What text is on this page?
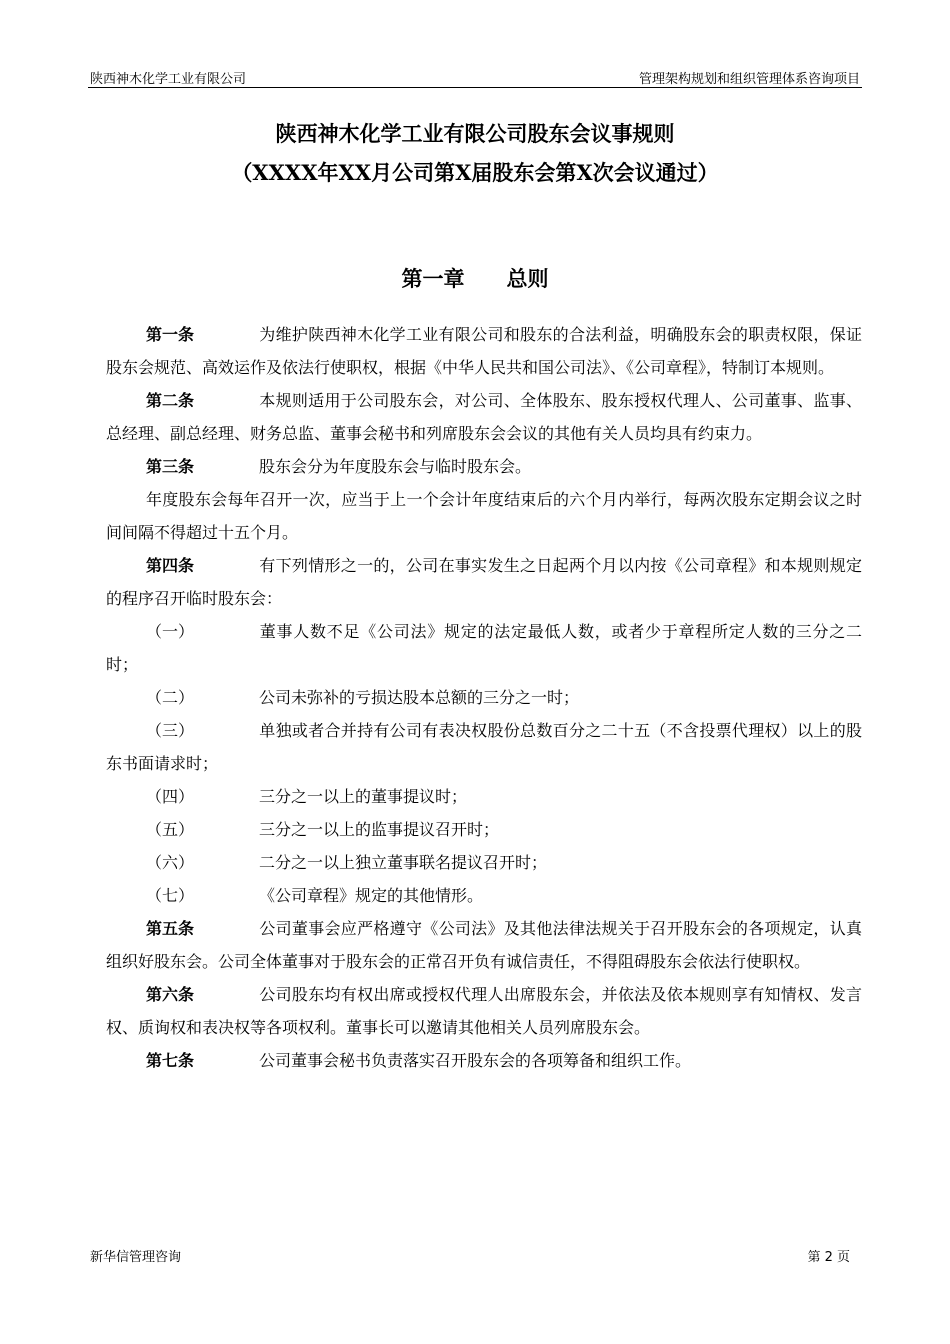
陕西神木化学工业有限公司	管理架构规划和组织管理体系咨询项目
陕西神木化学工业有限公司股东会议事规则
（XXXX年XX月公司第X届股东会第X次会议通过）
第一章 总则

第一条	为维护陕西神木化学工业有限公司和股东的合法利益，明确股东会的职责权限，保证股东会规范、高效运作及依法行使职权，根据《中华人民共和国公司法》、《公司章程》，特制订本规则。

第二条	本规则适用于公司股东会，对公司、全体股东、股东授权代理人、公司董事、监事、总经理、副总经理、财务总监、董事会秘书和列席股东会会议的其他有关人员均具有约束力。

第三条	股东会分为年度股东会与临时股东会。

年度股东会每年召开一次，应当于上一个会计年度结束后的六个月内举行，每两次股东定期会议之时间间隔不得超过十五个月。

第四条	有下列情形之一的，公司在事实发生之日起两个月以内按《公司章程》和本规则规定的程序召开临时股东会：

（一）	董事人数不足《公司法》规定的法定最低人数，或者少于章程所定人数的三分之二时；

（二）	公司未弥补的亏损达股本总额的三分之一时；

（三）	单独或者合并持有公司有表决权股份总数百分之二十五（不含投票代理权）以上的股东书面请求时；

（四）	三分之一以上的董事提议时；

（五）	三分之一以上的监事提议召开时；

（六）	二分之一以上独立董事联名提议召开时；

（七）	《公司章程》规定的其他情形。

第五条	公司董事会应严格遵守《公司法》及其他法律法规关于召开股东会的各项规定，认真组织好股东会。公司全体董事对于股东会的正常召开负有诚信责任，不得阻碍股东会依法行使职权。

第六条	公司股东均有权出席或授权代理人出席股东会，并依法及依本规则享有知情权、发言权、质询权和表决权等各项权利。董事长可以邀请其他相关人员列席股东会。

第七条	公司董事会秘书负责落实召开股东会的各项筹备和组织工作。

新华信管理咨询	第 2 页
